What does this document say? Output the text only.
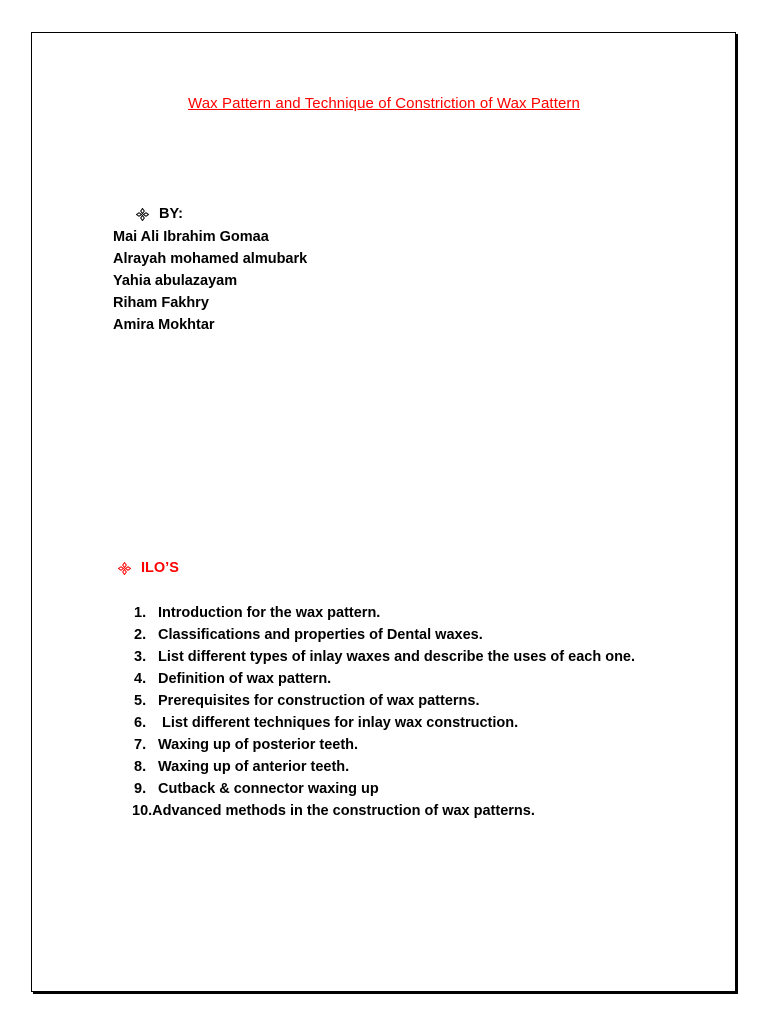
Wax Pattern and Technique of Constriction of Wax Pattern
BY:
Mai Ali Ibrahim Gomaa
Alrayah mohamed almubark
Yahia abulazayam
Riham Fakhry
Amira Mokhtar
ILO’S
1. Introduction for the wax pattern.
2. Classifications and properties of Dental waxes.
3. List different types of inlay waxes and describe the uses of each one.
4. Definition of wax pattern.
5. Prerequisites for construction of wax patterns.
6. List different techniques for inlay wax construction.
7. Waxing up of posterior teeth.
8. Waxing up of anterior teeth.
9. Cutback & connector waxing up
10.Advanced methods in the construction of wax patterns.
